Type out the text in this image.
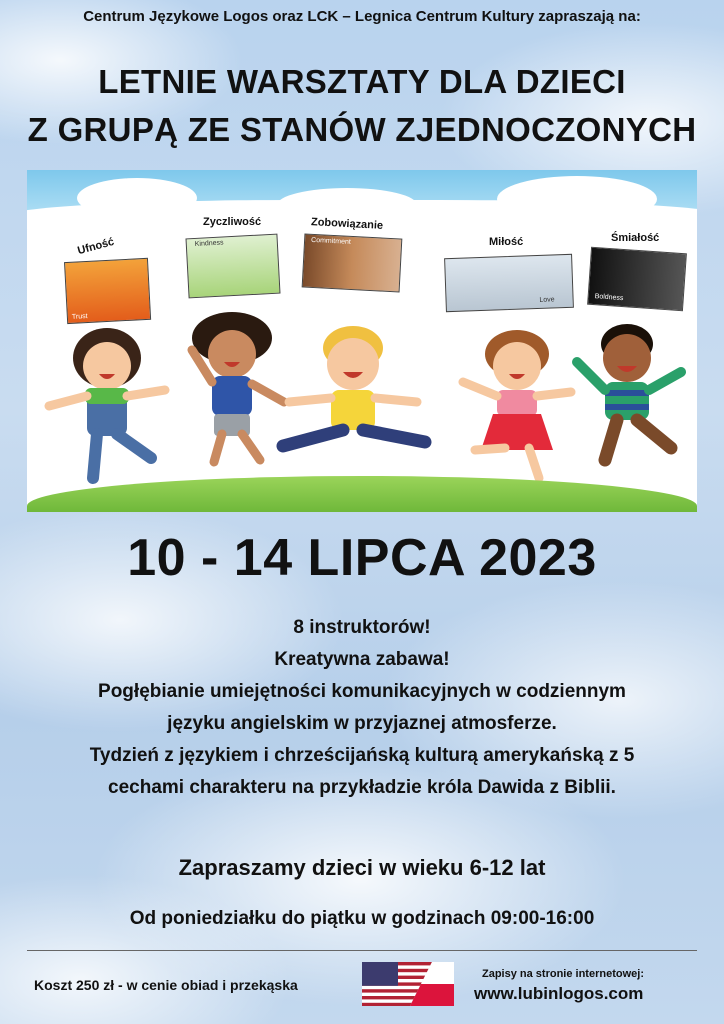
Centrum Językowe Logos oraz LCK – Legnica Centrum Kultury zapraszają na:
LETNIE WARSZTATY DLA DZIECI
Z GRUPĄ ZE STANÓW ZJEDNOCZONYCH
Ufność
Trust
Zyczliwość
Kindness
Zobowiązanie
Commitment	Miłość
Love
Śmiałość
Boldness
10 - 14 LIPCA 2023
8 instruktorów!
Kreatywna zabawa!
Pogłębianie umiejętności komunikacyjnych w codziennym
języku angielskim w przyjaznej atmosferze.
Tydzień z językiem i chrześcijańską kulturą amerykańską z 5
cechami charakteru na przykładzie króla Dawida z Biblii.
Zapraszamy dzieci w wieku 6-12 lat
Od poniedziałku do piątku w godzinach 09:00-16:00
Koszt 250 zł - w cenie obiad i przekąska
Zapisy na stronie internetowej:
www.lubinlogos.com
